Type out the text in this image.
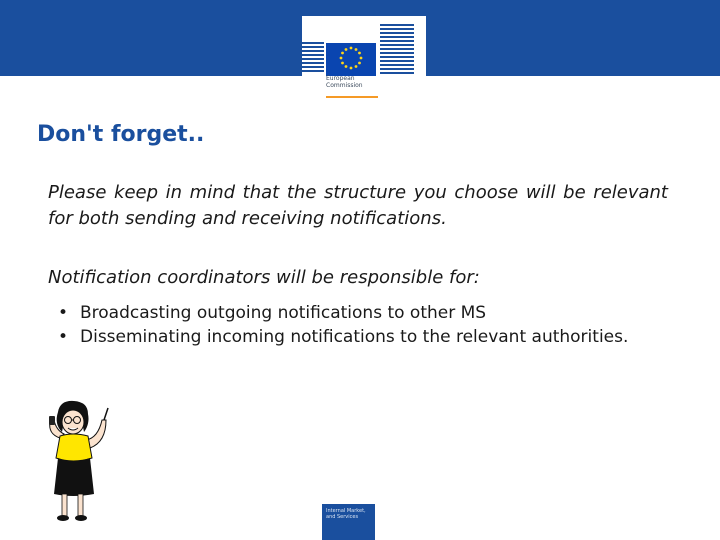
European
Commission
Don't forget..
Please keep in mind that the structure you choose will be relevant for both sending and receiving notifications.
Notification coordinators will be responsible for:
• Broadcasting outgoing notifications to other MS
• Disseminating incoming notifications to the relevant authorities.
Internal Market,
and Services
